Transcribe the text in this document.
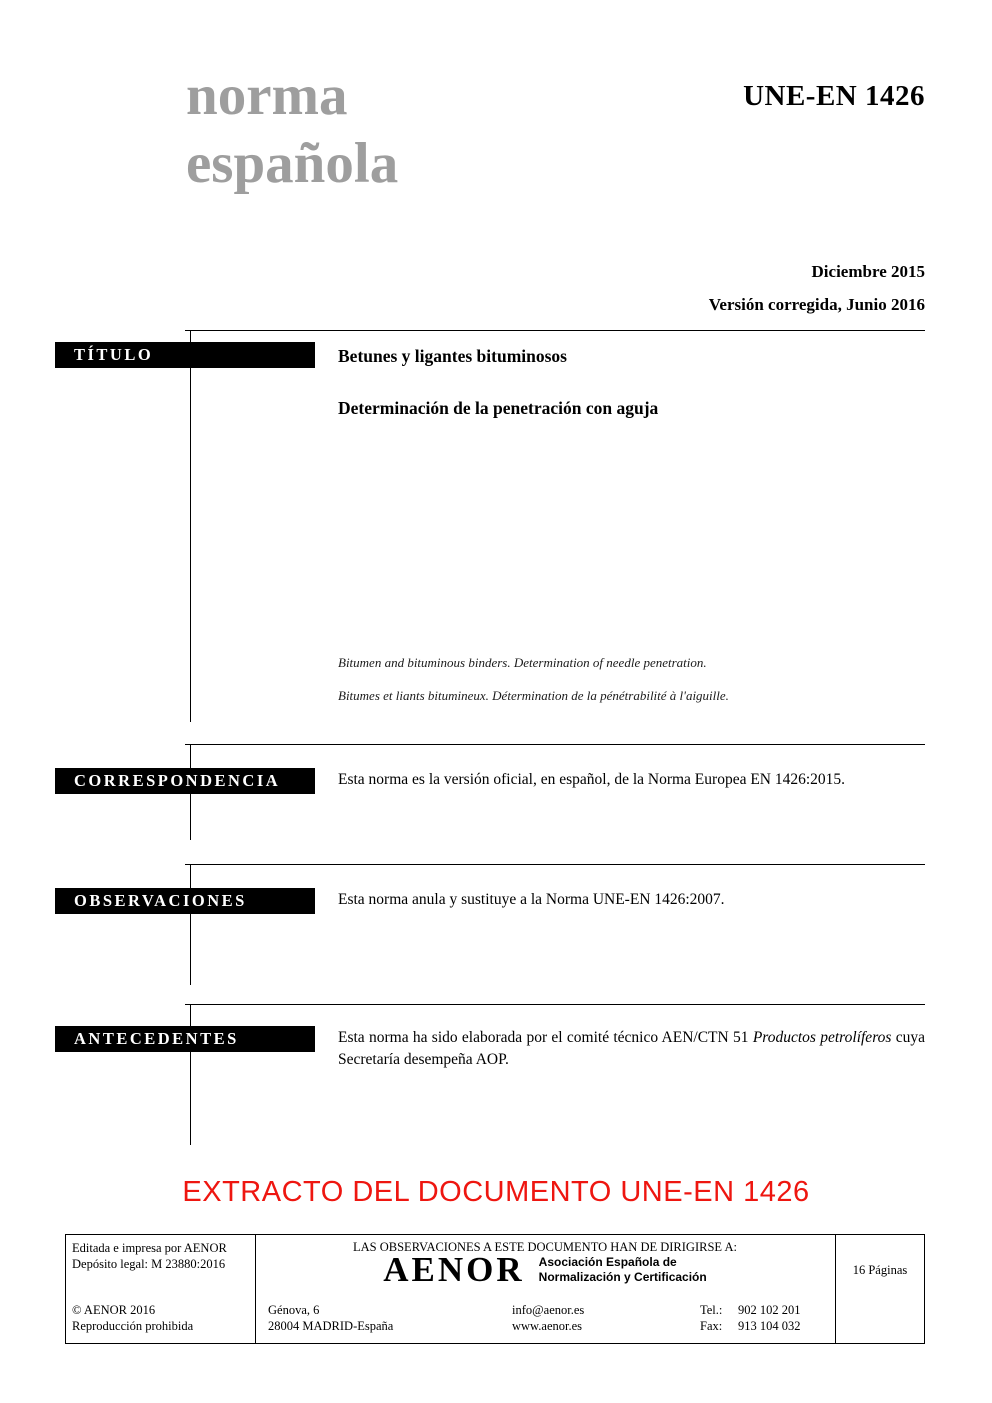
UNE-EN 1426
norma
española
Diciembre 2015
Versión corregida, Junio 2016
TÍTULO	Betunes y ligantes bituminosos
Determinación de la penetración con aguja
Bitumen and bituminous binders. Determination of needle penetration.
Bitumes et liants bitumineux. Détermination de la pénétrabilité à l'aiguille.
CORRESPONDENCIA	Esta norma es la versión oficial, en español, de la Norma Europea EN 1426:2015.
OBSERVACIONES	Esta norma anula y sustituye a la Norma UNE-EN 1426:2007.
ANTECEDENTES	Esta norma ha sido elaborada por el comité técnico AEN/CTN 51 Productos petrolíferos cuya Secretaría desempeña AOP.

EXTRACTO DEL DOCUMENTO UNE-EN 1426
Editada e impresa por AENOR
Depósito legal: M 23880:2016
© AENOR 2016
Reproducción prohibida
LAS OBSERVACIONES A ESTE DOCUMENTO HAN DE DIRIGIRSE A:
AENOR Asociación Española de
Normalización y Certificación
Génova, 6
28004 MADRID-España
info@aenor.es
www.aenor.es
Tel.:	902 102 201
Fax:	913 104 032
16 Páginas
